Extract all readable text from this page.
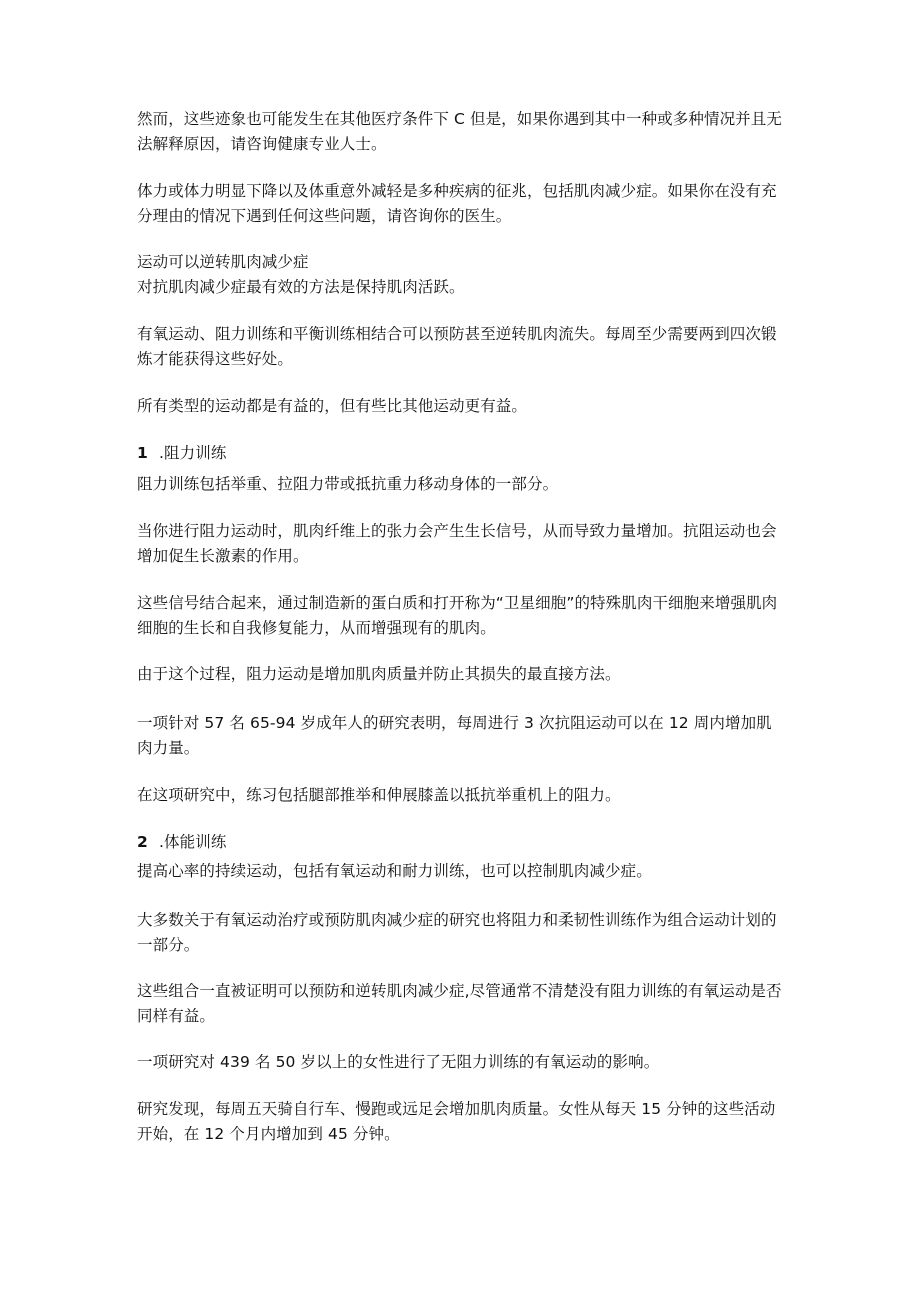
然而，这些迹象也可能发生在其他医疗条件下 C 但是，如果你遇到其中一种或多种情况并且无法解释原因，请咨询健康专业人士。

体力或体力明显下降以及体重意外减轻是多种疾病的征兆，包括肌肉减少症。如果你在没有充分理由的情况下遇到任何这些问题，请咨询你的医生。

运动可以逆转肌肉减少症

对抗肌肉减少症最有效的方法是保持肌肉活跃。

有氧运动、阻力训练和平衡训练相结合可以预防甚至逆转肌肉流失。每周至少需要两到四次锻炼才能获得这些好处。

所有类型的运动都是有益的，但有些比其他运动更有益。

1 .阻力训练

阻力训练包括举重、拉阻力带或抵抗重力移动身体的一部分。

当你进行阻力运动时，肌肉纤维上的张力会产生生长信号，从而导致力量增加。抗阻运动也会增加促生长激素的作用。

这些信号结合起来，通过制造新的蛋白质和打开称为“卫星细胞”的特殊肌肉干细胞来增强肌肉细胞的生长和自我修复能力，从而增强现有的肌肉。

由于这个过程，阻力运动是增加肌肉质量并防止其损失的最直接方法。

一项针对 57 名 65-94 岁成年人的研究表明，每周进行 3 次抗阻运动可以在 12 周内增加肌肉力量。

在这项研究中，练习包括腿部推举和伸展膝盖以抵抗举重机上的阻力。

2 .体能训练

提高心率的持续运动，包括有氧运动和耐力训练，也可以控制肌肉减少症。

大多数关于有氧运动治疗或预防肌肉减少症的研究也将阻力和柔韧性训练作为组合运动计划的一部分。

这些组合一直被证明可以预防和逆转肌肉减少症,尽管通常不清楚没有阻力训练的有氧运动是否同样有益。

一项研究对 439 名 50 岁以上的女性进行了无阻力训练的有氧运动的影响。

研究发现，每周五天骑自行车、慢跑或远足会增加肌肉质量。女性从每天 15 分钟的这些活动开始，在 12 个月内增加到 45 分钟。
